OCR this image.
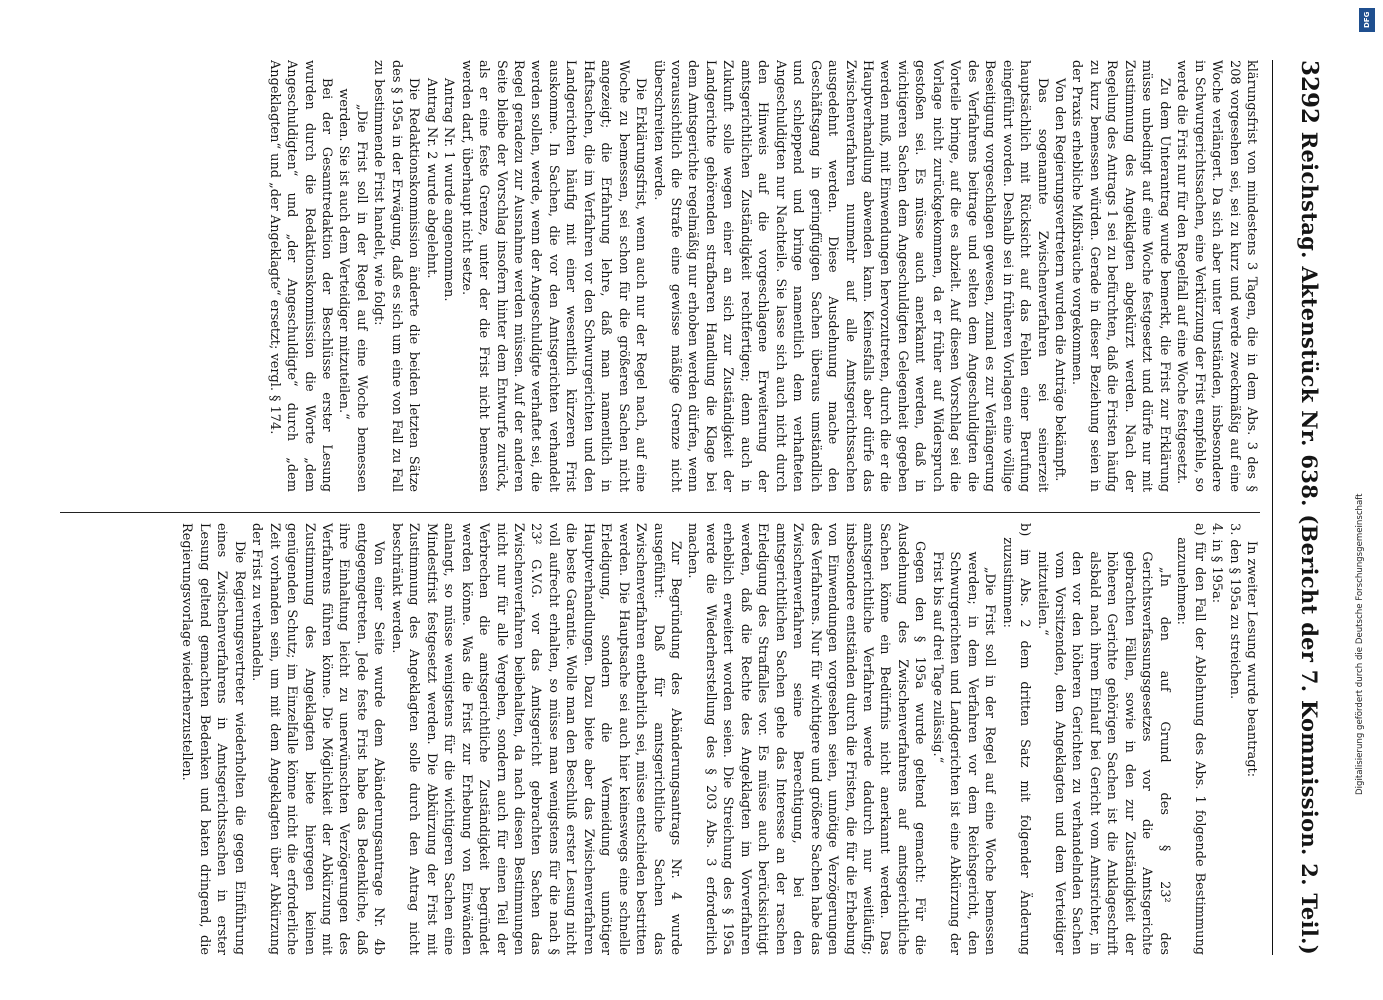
3292
Reichstag. Aktenstück Nr. 638. (Bericht der 7. Kommission. 2. Teil.)

klärungsfrist von mindestens 3 Tagen, die in dem Abs. 3 des § 208 vorgesehen sei, sei zu kurz und werde zweckmäßig auf eine Woche verlängert. Da sich aber unter Umständen, insbesondere in Schwurgerichtssachen, eine Verkürzung der Frist empfehle, so werde die Frist nur für den Regelfall auf eine Woche festgesetzt.

Zu dem Unterantrag wurde bemerkt, die Frist zur Erklärung müsse unbedingt auf eine Woche festgesetzt und dürfe nur mit Zustimmung des Angeklagten abgekürzt werden. Nach der Regelung des Antrags 1 sei zu befürchten, daß die Fristen häufig zu kurz bemessen würden. Gerade in dieser Beziehung seien in der Praxis erhebliche Mißbräuche vorgekommen.

Von den Regierungsvertretern wurden die Anträge bekämpft.

Das sogenannte Zwischenverfahren sei seinerzeit hauptsächlich mit Rücksicht auf das Fehlen einer Berufung eingeführt worden. Deshalb sei in früheren Vorlagen eine völlige Beseitigung vorgeschlagen gewesen, zumal es zur Verlängerung des Verfahrens beitrage und selten dem Angeschuldigten die Vorteile bringe, auf die es abzielt. Auf diesen Vorschlag sei die Vorlage nicht zurückgekommen, da er früher auf Widerspruch gestoßen sei. Es müsse auch anerkannt werden, daß in wichtigeren Sachen dem Angeschuldigten Gelegenheit gegeben werden muß, mit Einwendungen hervorzutreten, durch die er die Hauptverhandlung abwenden kann. Keinesfalls aber dürfe das Zwischenverfahren nunmehr auf alle Amtsgerichtssachen ausgedehnt werden. Diese Ausdehnung mache den Geschäftsgang in geringfügigen Sachen überaus umständlich und schleppend und bringe namentlich dem verhafteten Angeschuldigten nur Nachteile. Sie lasse sich auch nicht durch den Hinweis auf die vorgeschlagene Erweiterung der amtsgerichtlichen Zuständigkeit rechtfertigen; denn auch in Zukunft solle wegen einer an sich zur Zuständigkeit der Landgerichte gehörenden strafbaren Handlung die Klage bei dem Amtsgerichte regelmäßig nur erhoben werden dürfen, wenn voraussichtlich die Strafe eine gewisse mäßige Grenze nicht überschreiten werde.

Die Erklärungsfrist, wenn auch nur der Regel nach, auf eine Woche zu bemessen, sei schon für die größeren Sachen nicht angezeigt; die Erfahrung lehre, daß man namentlich in Haftsachen, die im Verfahren vor den Schwurgerichten und den Landgerichten häufig mit einer wesentlich kürzeren Frist auskomme. In Sachen, die vor den Amtsgerichten verhandelt werden sollen, werde, wenn der Angeschuldigte verhaftet sei, die Regel geradezu zur Ausnahme werden müssen. Auf der anderen Seite bleibe der Vorschlag insofern hinter dem Entwurfe zurück, als er eine feste Grenze, unter der die Frist nicht bemessen werden darf, überhaupt nicht setze.

Antrag Nr. 1 wurde angenommen.

Antrag Nr. 2 wurde abgelehnt.

Die Redaktionskommission änderte die beiden letzten Sätze des § 195a in der Erwägung, daß es sich um eine von Fall zu Fall zu bestimmende Frist handelt, wie folgt:

„Die Frist soll in der Regel auf eine Woche bemessen werden. Sie ist auch dem Verteidiger mitzuteilen.“

Bei der Gesamtredaktion der Beschlüsse erster Lesung wurden durch die Redaktionskommission die Worte „dem Angeschuldigten“ und „der Angeschuldigte“ durch „dem Angeklagten“ und „der Angeklagte“ ersetzt; vergl. § 174.

In zweiter Lesung wurde beantragt:

3. den § 195a zu streichen.

4. in § 195a:

a) für den Fall der Ablehnung des Abs. 1 folgende Bestimmung anzunehmen:

„In den auf Grund des § 23² des Gerichtsverfassungsgesetzes vor die Amtsgerichte gebrachten Fällen, sowie in den zur Zuständigkeit der höheren Gerichte gehörigen Sachen ist die Anklageschrift alsbald nach ihrem Einlauf bei Gericht vom Amtsrichter, in den vor den höheren Gerichten zu verhandelnden Sachen vom Vorsitzenden, dem Angeklagten und dem Verteidiger mitzuteilen.“

b) im Abs. 2 dem dritten Satz mit folgender Änderung zuzustimmen:

„Die Frist soll in der Regel auf eine Woche bemessen werden; in dem Verfahren vor dem Reichsgericht, den Schwurgerichten und Landgerichten ist eine Abkürzung der Frist bis auf drei Tage zulässig.“

Gegen den § 195a wurde geltend gemacht: Für die Ausdehnung des Zwischenverfahrens auf amtsgerichtliche Sachen könne ein Bedürfnis nicht anerkannt werden. Das amtsgerichtliche Verfahren werde dadurch nur weitläufig; insbesondere entständen durch die Fristen, die für die Erhebung von Einwendungen vorgesehen seien, unnötige Verzögerungen des Verfahrens. Nur für wichtigere und größere Sachen habe das Zwischenverfahren seine Berechtigung, bei den amtsgerichtlichen Sachen gehe das Interesse an der raschen Erledigung des Straffalles vor. Es müsse auch berücksichtigt werden, daß die Rechte des Angeklagten im Vorverfahren erheblich erweitert worden seien. Die Streichung des § 195a werde die Wiederherstellung des § 203 Abs. 3 erforderlich machen.

Zur Begründung des Abänderungsantrags Nr. 4 wurde ausgeführt: Daß für amtsgerichtliche Sachen das Zwischenverfahren entbehrlich sei, müsse entschieden bestritten werden. Die Hauptsache sei auch hier keineswegs eine schnelle Erledigung, sondern die Vermeidung unnötiger Hauptverhandlungen. Dazu biete aber das Zwischenverfahren die beste Garantie. Wolle man den Beschluß erster Lesung nicht voll aufrecht erhalten, so müsse man wenigstens für die nach § 23² G.V.G. vor das Amtsgericht gebrachten Sachen das Zwischenverfahren beibehalten, da nach diesen Bestimmungen nicht nur für alle Vergehen, sondern auch für einen Teil der Verbrechen die amtsgerichtliche Zuständigkeit begründet werden könne. Was die Frist zur Erhebung von Einwänden anlangt, so müsse wenigstens für die wichtigeren Sachen eine Mindestfrist festgesetzt werden. Die Abkürzung der Frist mit Zustimmung des Angeklagten solle durch den Antrag nicht beschränkt werden.

Von einer Seite wurde dem Abänderungsantrage Nr. 4b entgegengetreten. Jede feste Frist habe das Bedenkliche, daß ihre Einhaltung leicht zu unerwünschten Verzögerungen des Verfahrens führen könne. Die Möglichkeit der Abkürzung mit Zustimmung des Angeklagten biete hiergegen keinen genügenden Schutz; im Einzelfalle könne nicht die erforderliche Zeit vorhanden sein, um mit dem Angeklagten über Abkürzung der Frist zu verhandeln.

Die Regierungsvertreter wiederholten die gegen Einführung eines Zwischenverfahrens in Amtsgerichtssachen in erster Lesung geltend gemachten Bedenken und baten dringend, die Regierungsvorlage wiederherzustellen.

DFG
Digitalisierung gefördert durch die Deutsche Forschungsgemeinschaft
